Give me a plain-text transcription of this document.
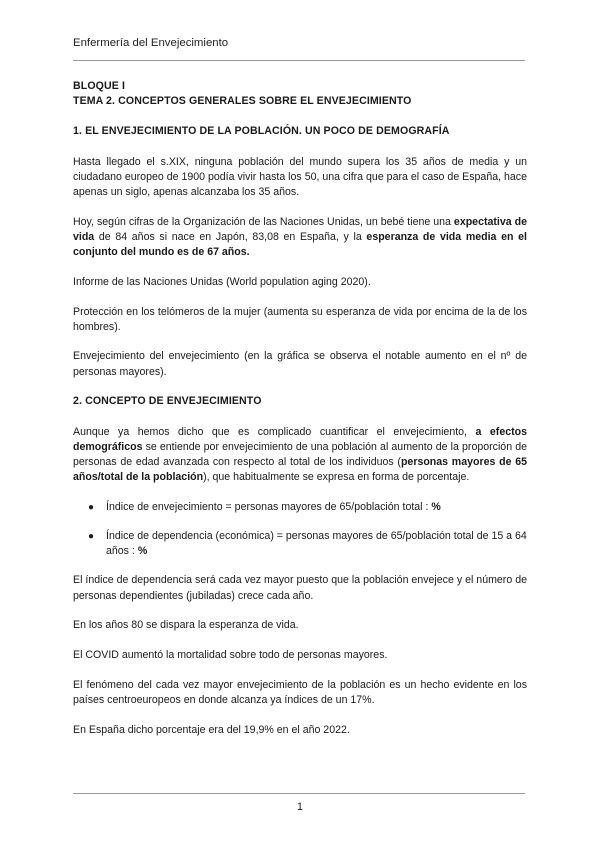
Enfermería del Envejecimiento
BLOQUE I
TEMA 2. CONCEPTOS GENERALES SOBRE EL ENVEJECIMIENTO
1. EL ENVEJECIMIENTO DE LA POBLACIÓN. UN POCO DE DEMOGRAFÍA

Hasta llegado el s.XIX, ninguna población del mundo supera los 35 años de media y un ciudadano europeo de 1900 podía vivir hasta los 50, una cifra que para el caso de España, hace apenas un siglo, apenas alcanzaba los 35 años.

Hoy, según cifras de la Organización de las Naciones Unidas, un bebé tiene una expectativa de vida de 84 años si nace en Japón, 83,08 en España, y la esperanza de vida media en el conjunto del mundo es de 67 años.

Informe de las Naciones Unidas (World population aging 2020).

Protección en los telómeros de la mujer (aumenta su esperanza de vida por encima de la de los hombres).

Envejecimiento del envejecimiento (en la gráfica se observa el notable aumento en el nº de personas mayores).

2. CONCEPTO DE ENVEJECIMIENTO

Aunque ya hemos dicho que es complicado cuantificar el envejecimiento, a efectos demográficos se entiende por envejecimiento de una población al aumento de la proporción de personas de edad avanzada con respecto al total de los individuos (personas mayores de 65 años/total de la población), que habitualmente se expresa en forma de porcentaje.

● Índice de envejecimiento = personas mayores de 65/población total : %
● Índice de dependencia (económica) = personas mayores de 65/población total de 15 a 64 años : %

El índice de dependencia será cada vez mayor puesto que la población envejece y el número de personas dependientes (jubiladas) crece cada año.

En los años 80 se dispara la esperanza de vida.

El COVID aumentó la mortalidad sobre todo de personas mayores.

El fenómeno del cada vez mayor envejecimiento de la población es un hecho evidente en los países centroeuropeos en donde alcanza ya índices de un 17%.

En España dicho porcentaje era del 19,9% en el año 2022.

1
